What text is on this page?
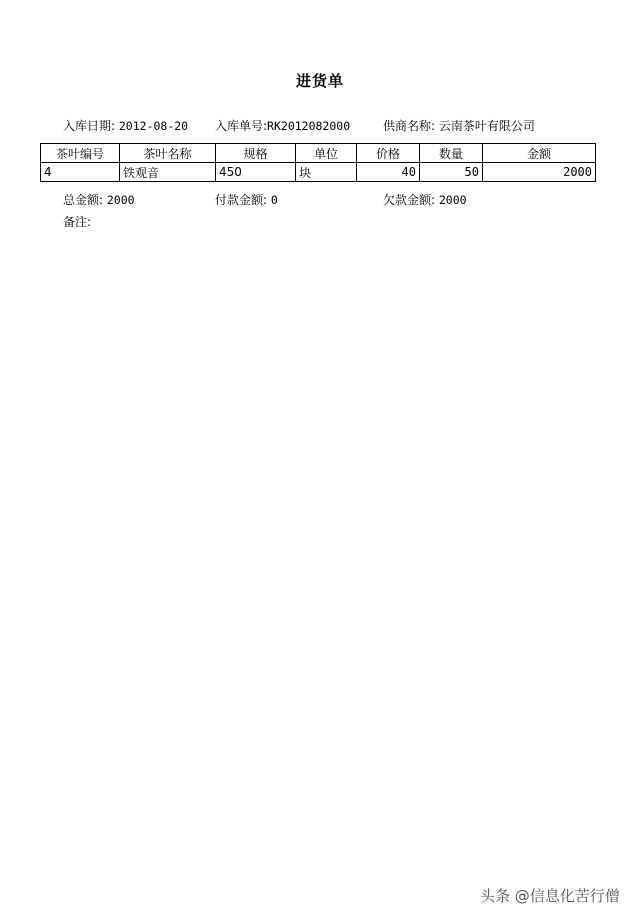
进货单
入库日期: 2012-08-20 入库单号:RK2012082000	供商名称: 云南茶叶有限公司
茶叶编号	茶叶名称	规格	单位	价格	数量	金额
4	铁观音	450	块	40	50	2000
总金额: 2000	付款金额: 0	欠款金额: 2000
备注:
头条 @信息化苦行僧
